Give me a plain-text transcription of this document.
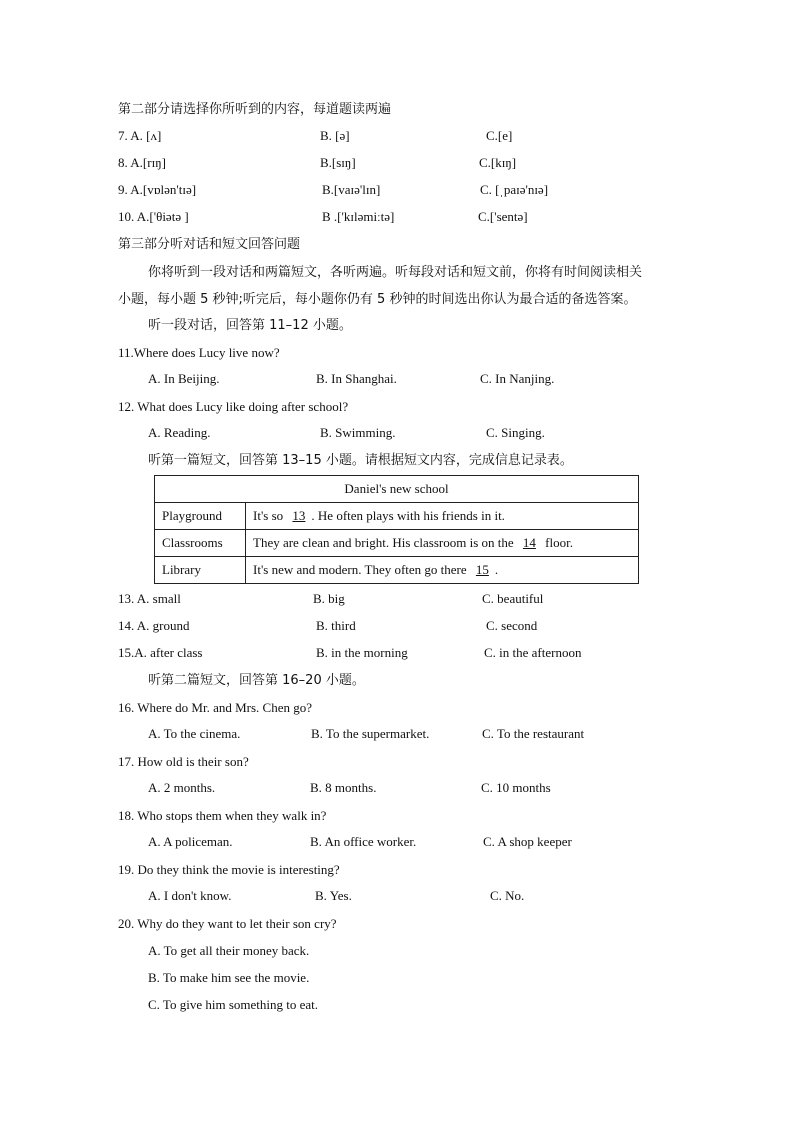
第二部分请选择你所听到的内容，每道题读两遍
7. A. [ʌ]	B. [ə]	C.[e]
8. A.[rɪŋ]	B.[sɪŋ]	C.[kɪŋ]
9. A.[vɒlən'tɪə]	B.[vaɪə'lɪn]	C. [ˌpaɪə'nɪə]
10. A.['θiətə ]	B .['kɪləmiːtə]	C.['sentə]
第三部分听对话和短文回答问题
你将听到一段对话和两篇短文，各听两遍。听每段对话和短文前，你将有时间阅读相关
小题，每小题 5 秒钟;听完后，每小题你仍有 5 秒钟的时间选出你认为最合适的备选答案。
听一段对话，回答第 11–12 小题。
11.Where does Lucy live now?
A. In Beijing.	B. In Shanghai.	C. In Nanjing.
12. What does Lucy like doing after school?
A. Reading.	B. Swimming.	C. Singing.
听第一篇短文，回答第 13–15 小题。请根据短文内容，完成信息记录表。
Daniel's new school	
Playground	It's so 13 . He often plays with his friends in it.
Classrooms	They are clean and bright. His classroom is on the 14 floor.
Library	It's new and modern. They often go there 15 .
13. A. small	B. big	C. beautiful
14. A. ground	B. third	C. second
15.A. after class	B. in the morning	C. in the afternoon
听第二篇短文，回答第 16–20 小题。
16. Where do Mr. and Mrs. Chen go?
A. To the cinema.	B. To the supermarket.	C. To the restaurant
17. How old is their son?
A. 2 months.	B. 8 months.	C. 10 months
18. Who stops them when they walk in?
A. A policeman.	B. An office worker.	C. A shop keeper
19. Do they think the movie is interesting?
A. I don't know.	B. Yes.	C. No.
20. Why do they want to let their son cry?
A. To get all their money back.
B. To make him see the movie.
C. To give him something to eat.
